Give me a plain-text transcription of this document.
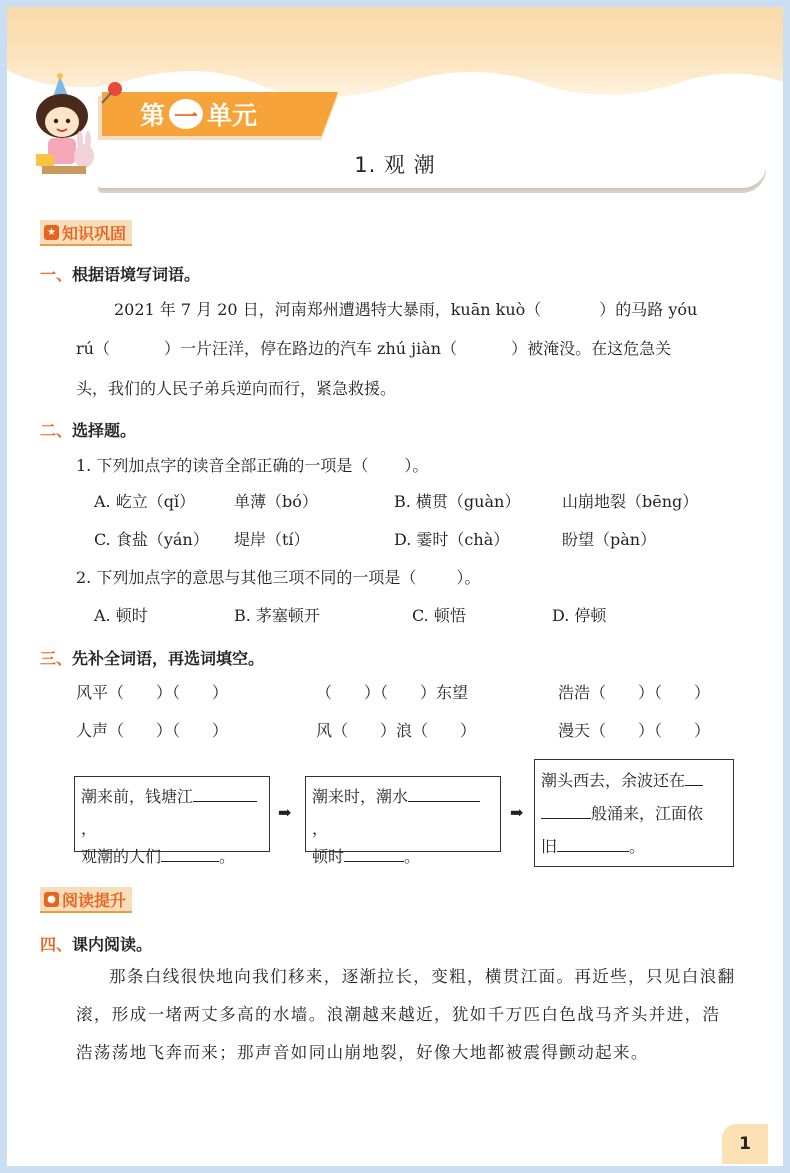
第 一 单元
1. 观 潮
★ 知识巩固
一、根据语境写词语。
2021 年 7 月 20 日，河南郑州遭遇特大暴雨，kuān kuò（	）的马路 yóu
rú（	）一片汪洋，停在路边的汽车 zhú jiàn（	）被淹没。在这危急关
头，我们的人民子弟兵逆向而行，紧急救援。
二、选择题。
1. 下列加点字的读音全部正确的一项是（ ）。
A. 屹立（qǐ） 单薄（bó）	B. 横贯（guàn）	山崩地裂（bēng）
C. 食盐（yán） 堤岸（tí）	D. 霎时（chà）	盼望（pàn）
2. 下列加点字的意思与其他三项不同的一项是（	）。
A. 顿时	B. 茅塞顿开	C. 顿悟	D. 停顿
三、先补全词语，再选词填空。
风平（　　）（　　）	（　　）（　　）东望	浩浩（　　）（　　）
人声（　　）（　　）	风（　　）浪（　　）	漫天（　　）（　　）
潮来前，钱塘江，
观潮的人们	。
➡
潮来时，潮水，
顿时	。
➡
潮头西去，余波还在
般涌来，江面依
旧	。
● 阅读提升
四、课内阅读。
那条白线很快地向我们移来，逐渐拉长，变粗，横贯江面。再近些，只见白浪翻滚，形成一堵两丈多高的水墙。浪潮越来越近，犹如千万匹白色战马齐头并进，浩浩荡荡地飞奔而来；那声音如同山崩地裂，好像大地都被震得颤动起来。
1
